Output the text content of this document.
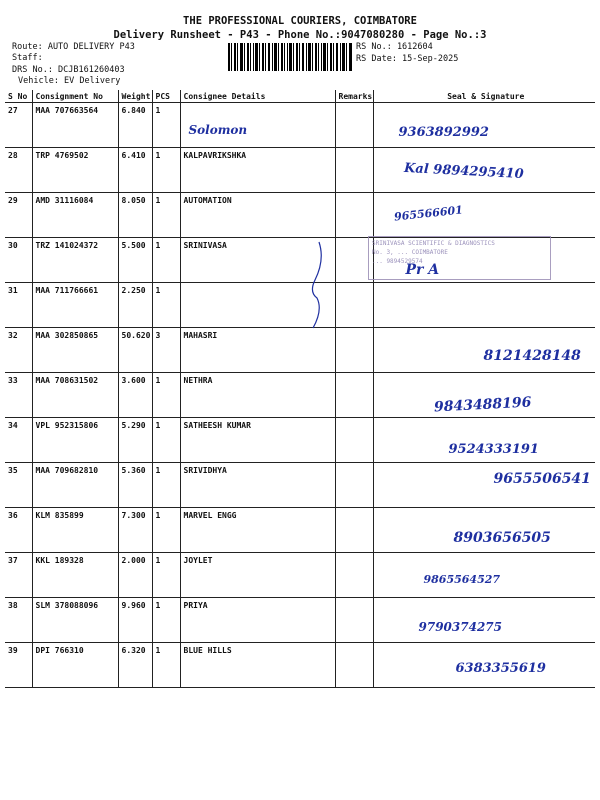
THE PROFESSIONAL COURIERS, COIMBATORE
Delivery Runsheet - P43 - Phone No.:9047080280 - Page No.:3
Route: AUTO DELIVERY P43
Staff:
DRS No.: DCJB161260403
Vehicle: EV Delivery
RS No.: 1612604
RS Date: 15-Sep-2025
S No	Consignment No	Weight	PCS	Consignee Details	Remarks	Seal & Signature
27	MAA 707663564	6.840	1	Solomon		9363892992

28	TRP 4769502	6.410	1	KALPAVRIKSHKA		Kal 9894295410

29	AMD 31116084	8.050	1	AUTOMATION		965566601

30	TRZ 141024372	5.500	1	SRINIVASA		Pr A

31	MAA 711766661	2.250	1			
32	MAA 302850865	50.620	3	MAHASRI		8121428148

33	MAA 708631502	3.600	1	NETHRA		9843488196

34	VPL 952315806	5.290	1	SATHEESH KUMAR		9524333191

35	MAA 709682810	5.360	1	SRIVIDHYA		9655506541

36	KLM 835899	7.300	1	MARVEL ENGG		8903656505

37	KKL 189328	2.000	1	JOYLET		9865564527

38	SLM 378088096	9.960	1	PRIYA		9790374275

39	DPI 766310	6.320	1	BLUE HILLS		6383355619
SRINIVASA SCIENTIFIC & DIAGNOSTICS
No. 3, ... COIMBATORE
... 9894529574
